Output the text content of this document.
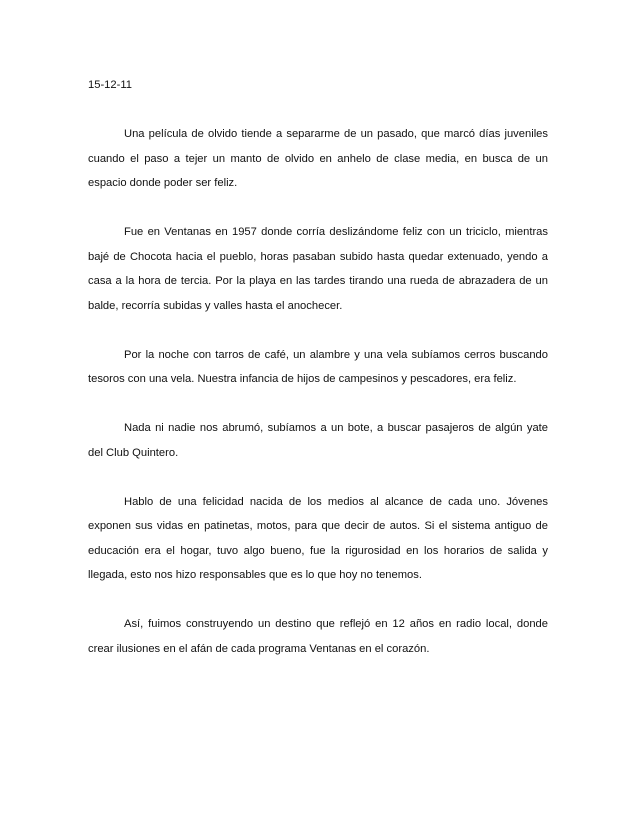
15-12-11

Una película de olvido tiende a separarme de un pasado, que marcó días juveniles cuando el paso a tejer un manto de olvido en anhelo de clase media, en busca de un espacio donde poder ser feliz.

Fue en Ventanas en 1957 donde corría deslizándome feliz con un triciclo, mientras bajé de Chocota hacia el pueblo, horas pasaban subido hasta quedar extenuado, yendo a casa a la hora de tercia. Por la playa en las tardes tirando una rueda de abrazadera de un balde, recorría subidas y valles hasta el anochecer.

Por la noche con tarros de café, un alambre y una vela subíamos cerros buscando tesoros con una vela. Nuestra infancia de hijos de campesinos y pescadores, era feliz.

Nada ni nadie nos abrumó, subíamos a un bote, a buscar pasajeros de algún yate del Club Quintero.

Hablo de una felicidad nacida de los medios al alcance de cada uno. Jóvenes exponen sus vidas en patinetas, motos, para que decir de autos. Si el sistema antiguo de educación era el hogar, tuvo algo bueno, fue la rigurosidad en los horarios de salida y llegada, esto nos hizo responsables que es lo que hoy no tenemos.

Así, fuimos construyendo un destino que reflejó en 12 años en radio local, donde crear ilusiones en el afán de cada programa Ventanas en el corazón.
